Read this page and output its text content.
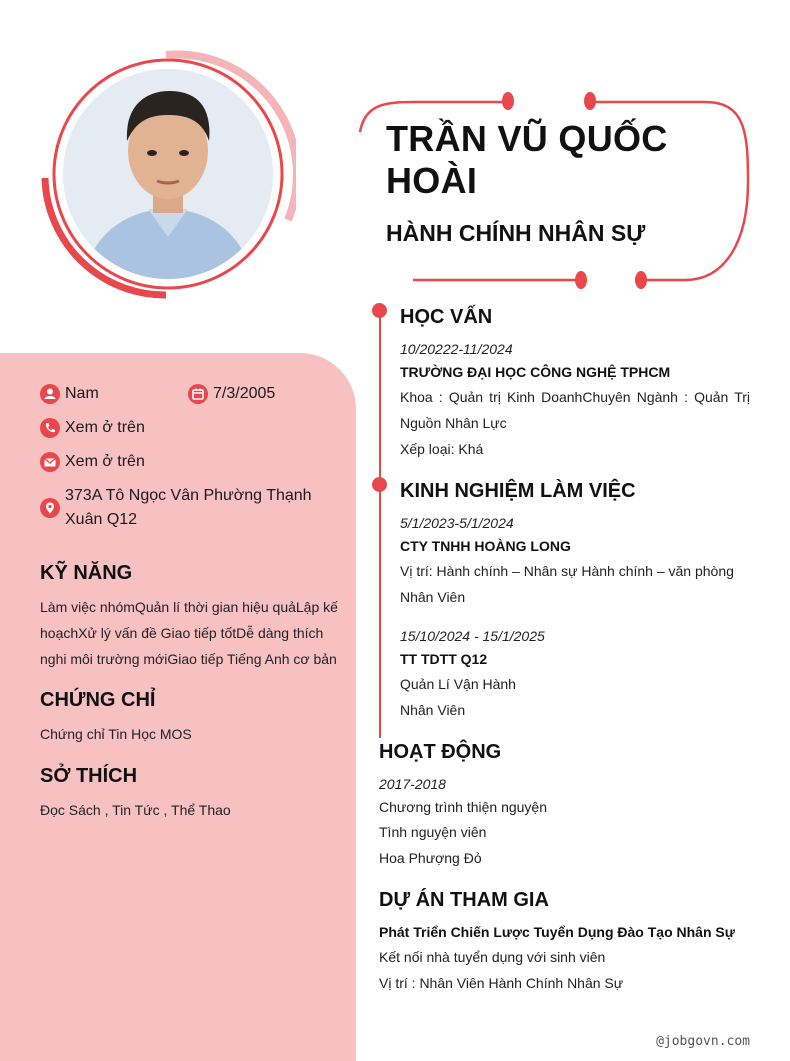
TRẦN VŨ QUỐC HOÀI
HÀNH CHÍNH NHÂN SỰ
Nam	7/3/2005
Xem ở trên
Xem ở trên
373A Tô Ngọc Vân Phường Thạnh Xuân Q12
KỸ NĂNG
Làm việc nhómQuản lí thời gian hiệu quảLập kế hoạchXử lý vấn đề Giao tiếp tốtDễ dàng thích nghi môi trường mớiGiao tiếp Tiếng Anh cơ bản
CHỨNG CHỈ
Chứng chỉ Tin Học MOS
SỞ THÍCH
Đọc Sách , Tin Tức , Thể Thao
HỌC VẤN
10/20222-11/2024
TRƯỜNG ĐẠI HỌC CÔNG NGHỆ TPHCM
Khoa : Quản trị Kinh DoanhChuyên Ngành : Quản Trị Nguồn Nhân Lực
Xếp loại: Khá
KINH NGHIỆM LÀM VIỆC
5/1/2023-5/1/2024
CTY TNHH HOÀNG LONG
Vị trí: Hành chính – Nhân sự Hành chính – văn phòng
Nhân Viên
15/10/2024 - 15/1/2025
TT TDTT Q12
Quản Lí Vận Hành
Nhân Viên
HOẠT ĐỘNG
2017-2018
Chương trình thiện nguyện
Tình nguyện viên
Hoa Phượng Đỏ
DỰ ÁN THAM GIA
Phát Triển Chiến Lược Tuyển Dụng Đào Tạo Nhân Sự
Kết nối nhà tuyển dụng với sinh viên
Vị trí : Nhân Viên Hành Chính Nhân Sự
@jobgovn.com
